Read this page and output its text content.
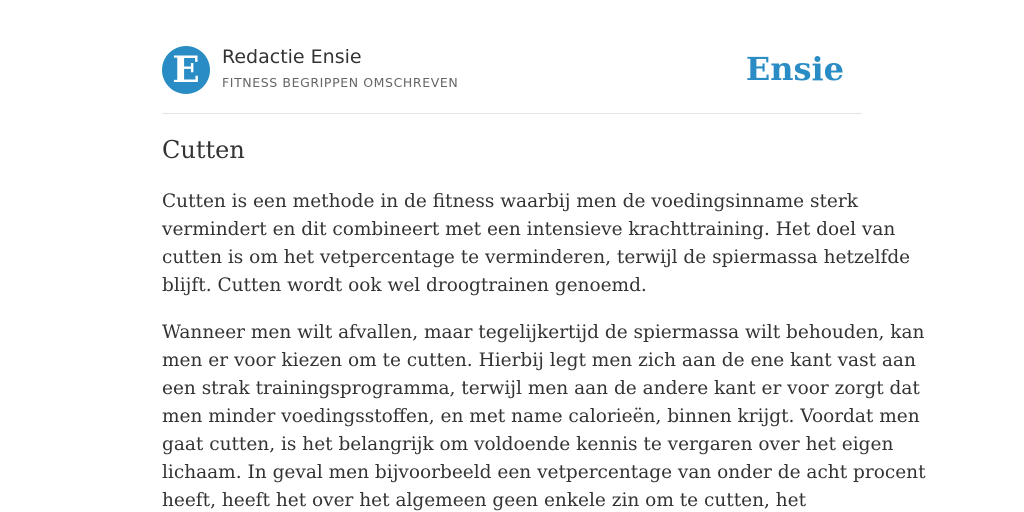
E	Redactie Ensie
FITNESS BEGRIPPEN OMSCHREVEN	Ensie
Cutten

Cutten is een methode in de fitness waarbij men de voedingsinname sterk
vermindert en dit combineert met een intensieve krachttraining. Het doel van
cutten is om het vetpercentage te verminderen, terwijl de spiermassa hetzelfde
blijft. Cutten wordt ook wel droogtrainen genoemd.

Wanneer men wilt afvallen, maar tegelijkertijd de spiermassa wilt behouden, kan
men er voor kiezen om te cutten. Hierbij legt men zich aan de ene kant vast aan
een strak trainingsprogramma, terwijl men aan de andere kant er voor zorgt dat
men minder voedingsstoffen, en met name calorieën, binnen krijgt. Voordat men
gaat cutten, is het belangrijk om voldoende kennis te vergaren over het eigen
lichaam. In geval men bijvoorbeeld een vetpercentage van onder de acht procent
heeft, heeft het over het algemeen geen enkele zin om te cutten, het
